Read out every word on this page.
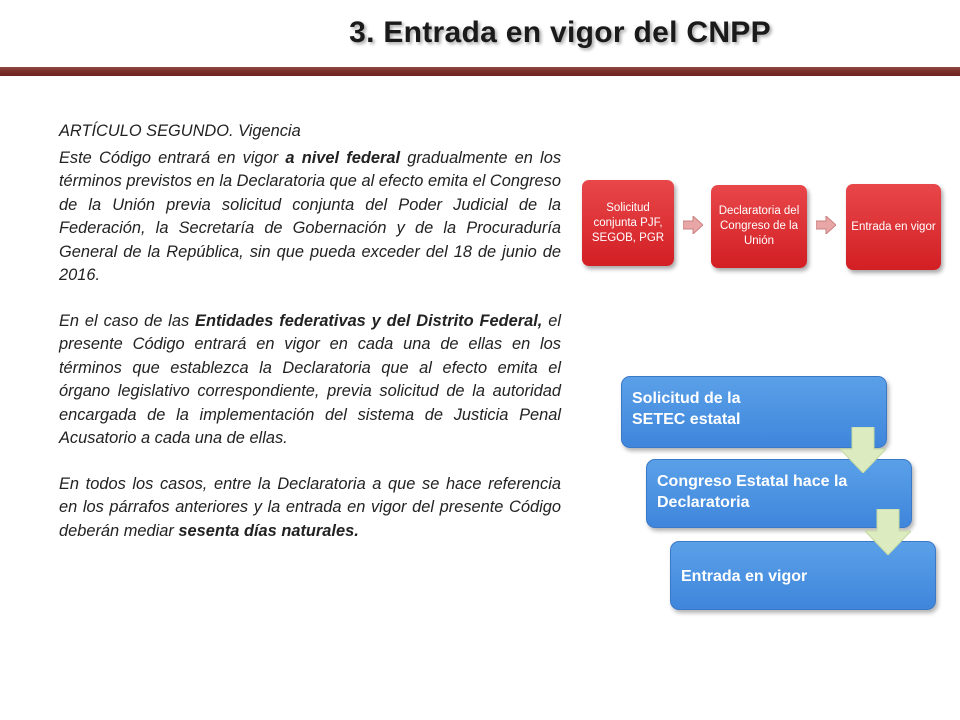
3. Entrada en vigor del CNPP

ARTÍCULO SEGUNDO. Vigencia

Este Código entrará en vigor a nivel federal gradualmente en los términos previstos en la Declaratoria que al efecto emita el Congreso de la Unión previa solicitud conjunta del Poder Judicial de la Federación, la Secretaría de Gobernación y de la Procuraduría General de la República, sin que pueda exceder del 18 de junio de 2016.

En el caso de las Entidades federativas y del Distrito Federal, el presente Código entrará en vigor en cada una de ellas en los términos que establezca la Declaratoria que al efecto emita el órgano legislativo correspondiente, previa solicitud de la autoridad encargada de la implementación del sistema de Justicia Penal Acusatorio a cada una de ellas.

En todos los casos, entre la Declaratoria a que se hace referencia en los párrafos anteriores y la entrada en vigor del presente Código deberán mediar sesenta días naturales.

Solicitud conjunta PJF, SEGOB, PGR
Declaratoria del Congreso de la Unión
Entrada en vigor
Solicitud de la SETEC estatal
Congreso Estatal hace la Declaratoria
Entrada en vigor
